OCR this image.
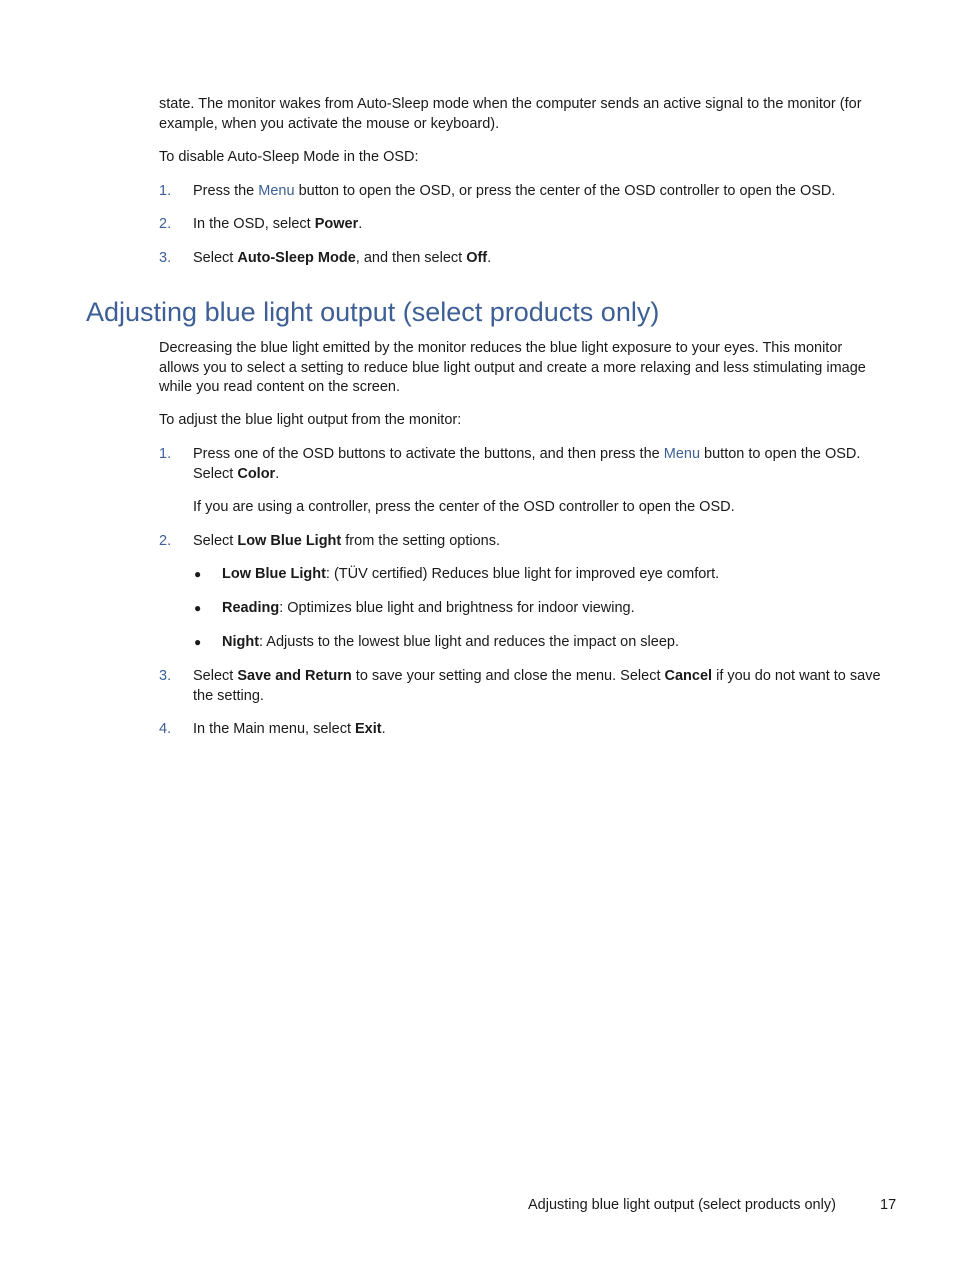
state. The monitor wakes from Auto-Sleep mode when the computer sends an active signal to the monitor (for example, when you activate the mouse or keyboard).

To disable Auto-Sleep Mode in the OSD:

1. Press the Menu button to open the OSD, or press the center of the OSD controller to open the OSD.

2. In the OSD, select Power.

3. Select Auto-Sleep Mode, and then select Off.

Adjusting blue light output (select products only)

Decreasing the blue light emitted by the monitor reduces the blue light exposure to your eyes. This monitor allows you to select a setting to reduce blue light output and create a more relaxing and less stimulating image while you read content on the screen.

To adjust the blue light output from the monitor:

1. Press one of the OSD buttons to activate the buttons, and then press the Menu button to open the OSD. Select Color.

If you are using a controller, press the center of the OSD controller to open the OSD.

2. Select Low Blue Light from the setting options.

● Low Blue Light: (TÜV certified) Reduces blue light for improved eye comfort.

● Reading: Optimizes blue light and brightness for indoor viewing.

● Night: Adjusts to the lowest blue light and reduces the impact on sleep.

3. Select Save and Return to save your setting and close the menu. Select Cancel if you do not want to save the setting.

4. In the Main menu, select Exit.

Adjusting blue light output (select products only)	17
